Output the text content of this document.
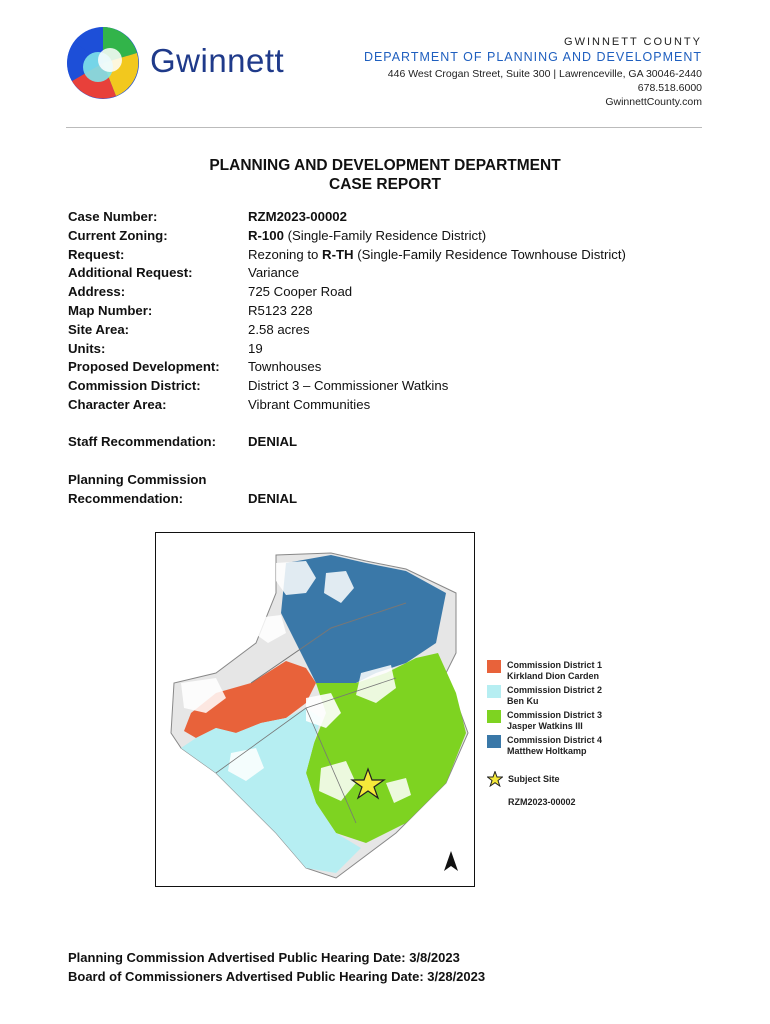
Gwinnett	GWINNETT COUNTY
DEPARTMENT OF PLANNING AND DEVELOPMENT
446 West Crogan Street, Suite 300 | Lawrenceville, GA 30046-2440
678.518.6000
GwinnettCounty.com
PLANNING AND DEVELOPMENT DEPARTMENT
CASE REPORT
Case Number:	RZM2023-00002
Current Zoning:	R-100 (Single-Family Residence District)
Request:	Rezoning to R-TH (Single-Family Residence Townhouse District)
Additional Request:	Variance
Address:	725 Cooper Road
Map Number:	R5123 228
Site Area:	2.58 acres
Units:	19
Proposed Development:	Townhouses
Commission District:	District 3 – Commissioner Watkins
Character Area:	Vibrant Communities
Staff Recommendation: DENIAL
Planning Commission
Recommendation:	DENIAL
Commission District 1
Kirkland Dion Carden
Commission District 2
Ben Ku
Commission District 3
Jasper Watkins III
Commission District 4
Matthew Holtkamp
Subject Site
RZM2023-00002
Planning Commission Advertised Public Hearing Date: 3/8/2023
Board of Commissioners Advertised Public Hearing Date: 3/28/2023
